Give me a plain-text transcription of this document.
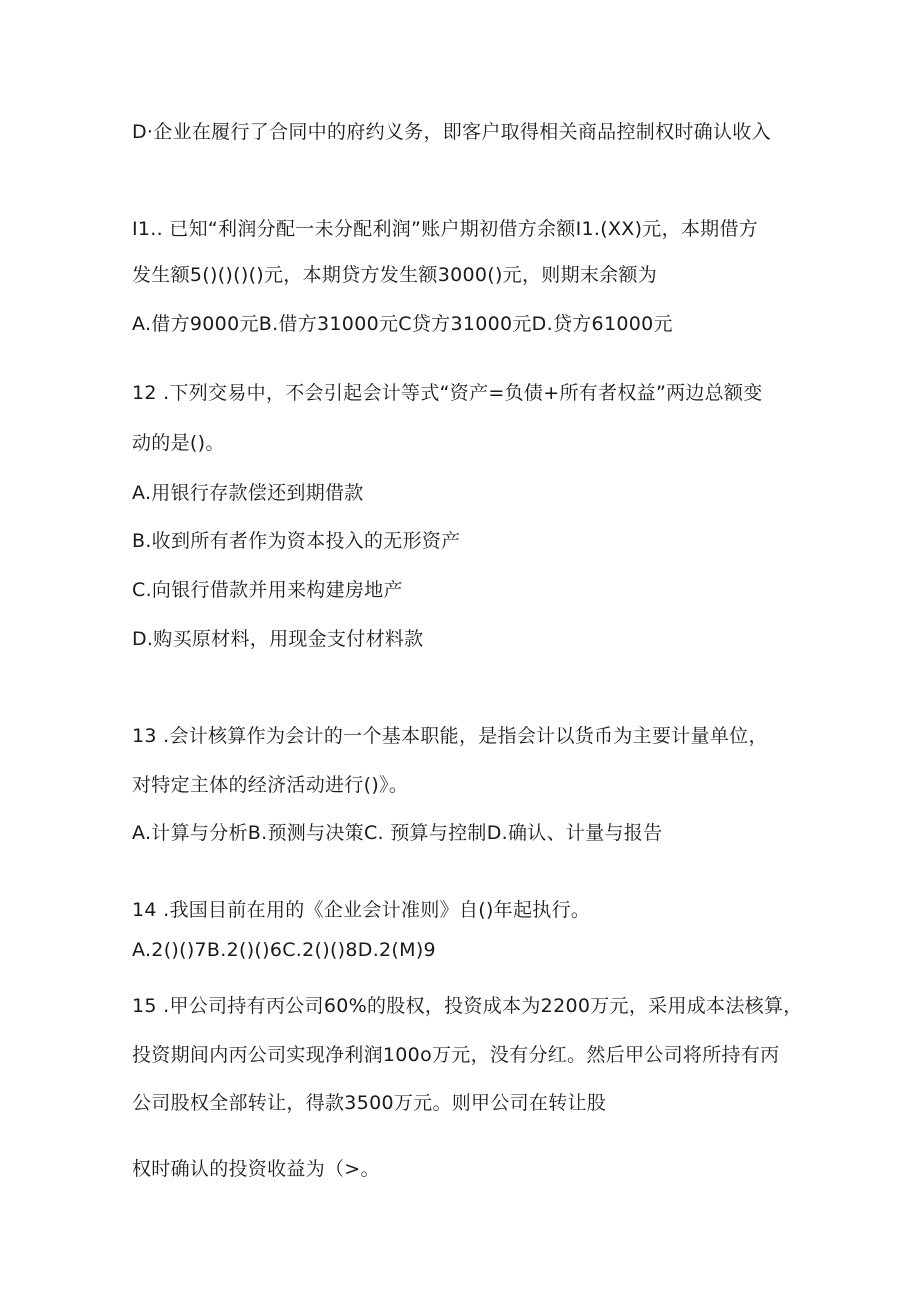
D·企业在履行了合同中的府约义务，即客户取得相关商品控制权时确认收入
I1.. 已知“利润分配一未分配利润”账户期初借方余额I1.(XX)元，本期借方
发生额5()()()()元，本期贷方发生额3000()元，则期末余额为
A.借方9000元B.借方31000元C贷方31000元D.贷方61000元
12 .下列交易中，不会引起会计等式“资产=负债+所有者权益”两边总额变
动的是()。
A.用银行存款偿还到期借款
B.收到所有者作为资本投入的无形资产
C.向银行借款并用来构建房地产
D.购买原材料，用现金支付材料款
13 .会计核算作为会计的一个基本职能，是指会计以货币为主要计量单位，
对特定主体的经济活动进行()》。
A.计算与分析B.预测与决策C. 预算与控制D.确认、计量与报告
14 .我国目前在用的《企业会计准则》自()年起执行。
A.2()()7B.2()()6C.2()()8D.2(M)9
15 .甲公司持有丙公司60%的股权，投资成本为2200万元，采用成本法核算，
投资期间内丙公司实现净利润100o万元，没有分红。然后甲公司将所持有丙
公司股权全部转让，得款3500万元。则甲公司在转让股
权时确认的投资收益为（>。
